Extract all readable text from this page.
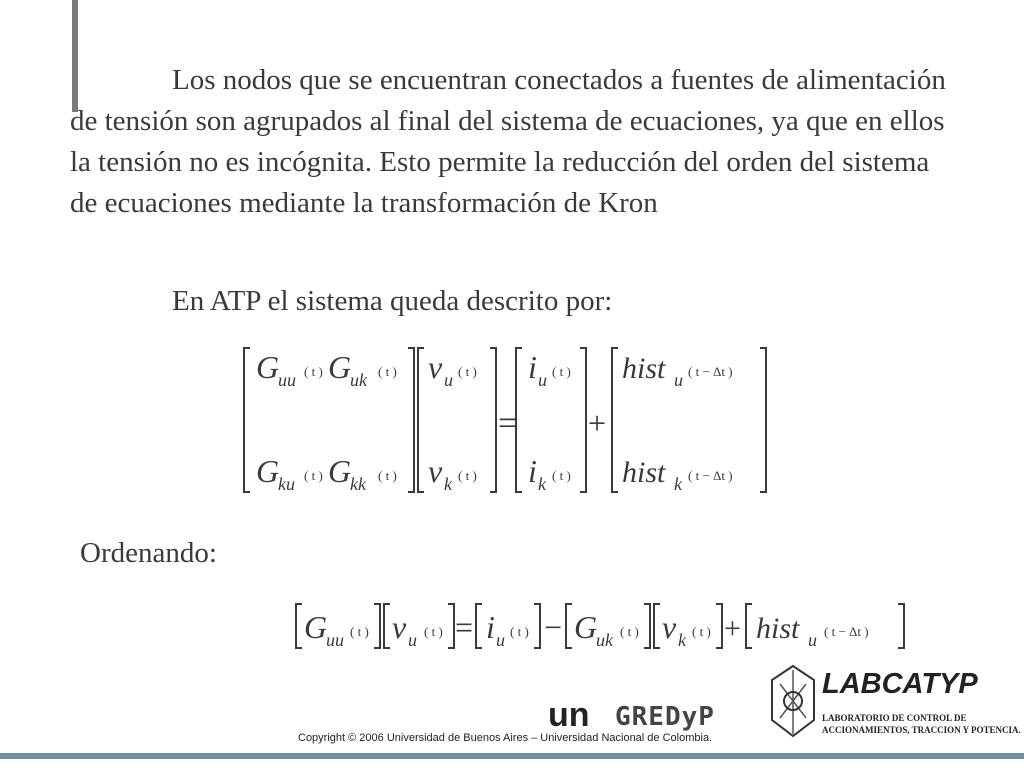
Los nodos que se encuentran conectados a fuentes de alimentación de tensión son agrupados al final del sistema de ecuaciones, ya que en ellos la tensión no es incógnita. Esto permite la reducción del orden del sistema de ecuaciones mediante la transformación de Kron
En ATP el sistema queda descrito por:
G
uu ( t ) G
uk ( t )
G
ku ( t ) G
kk ( t )
v u ( t )
v k ( t )
=
i u ( t )
i k ( t )
+
hist u ( t − Δt )
hist k ( t − Δt )
Ordenando:
G
uu ( t ) v u ( t ) = i u ( t ) − G
uk ( t ) v k ( t ) + hist u ( t − Δt )
un GREDyP
Copyright © 2006 Universidad de Buenos Aires – Universidad Nacional de Colombia.
LABCATYP
LABORATORIO DE CONTROL DE
ACCIONAMIENTOS, TRACCION Y POTENCIA.
